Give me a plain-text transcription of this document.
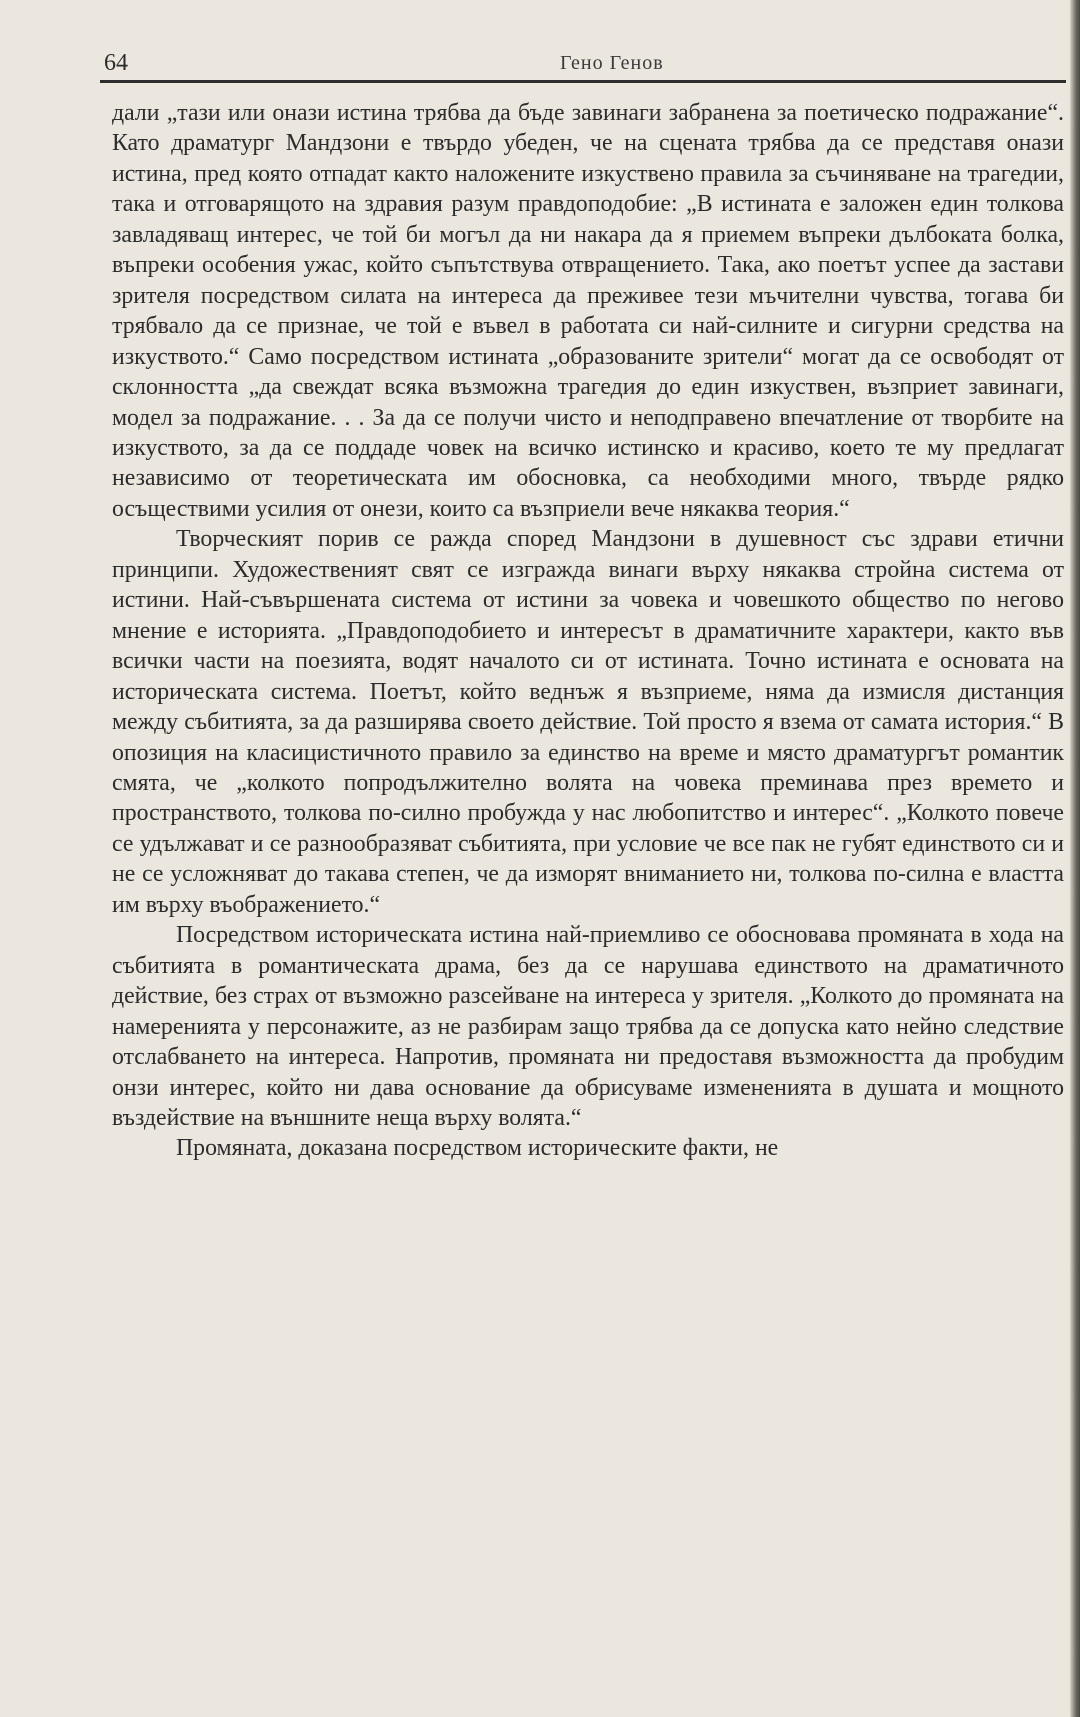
64	Гено Генов

дали „тази или онази истина трябва да бъде завинаги забранена за поетическо подражание“. Като драматург Мандзони е твърдо убеден, че на сцената трябва да се представя онази истина, пред която отпадат както наложените изкуствено правила за съчиняване на трагедии, така и отговарящото на здравия разум правдоподобие: „В истината е заложен един толкова завладяващ интерес, че той би могъл да ни накара да я приемем въпреки дълбоката болка, въпреки особения ужас, който съпътствува отвращението. Така, ако поетът успее да застави зрителя посредством силата на интереса да преживее тези мъчителни чувства, тогава би трябвало да се признае, че той е въвел в работата си най-силните и сигурни средства на изкуството.“ Само посредством истината „образованите зрители“ могат да се освободят от склонността „да свеждат всяка възможна трагедия до един изкуствен, възприет завинаги, модел за подражание. . . За да се получи чисто и неподправено впечатление от творбите на изкуството, за да се поддаде човек на всичко истинско и красиво, което те му предлагат независимо от теоретическата им обосновка, са необходими много, твърде рядко осъществими усилия от онези, които са възприели вече някаква теория.“

Творческият порив се ражда според Мандзони в душевност със здрави етични принципи. Художественият свят се изгражда винаги върху някаква стройна система от истини. Най-съвършената система от истини за човека и човешкото общество по негово мнение е историята. „Правдоподобието и интересът в драматичните характери, както във всички части на поезията, водят началото си от истината. Точно истината е основата на историческата система. Поетът, който веднъж я възприеме, няма да измисля дистанция между събитията, за да разширява своето действие. Той просто я взема от самата история.“ В опозиция на класицистичното правило за единство на време и място драматургът романтик смята, че „колкото попродължително волята на човека преминава през времето и пространството, толкова по-силно пробужда у нас любопитство и интерес“. „Колкото повече се удължават и се разнообразяват събитията, при условие че все пак не губят единството си и не се усложняват до такава степен, че да изморят вниманието ни, толкова по-силна е властта им върху въображението.“

Посредством историческата истина най-приемливо се обосновава промяната в хода на събитията в романтическата драма, без да се нарушава единството на драматичното действие, без страх от възможно разсейване на интереса у зрителя. „Колкото до промяната на намеренията у персонажите, аз не разбирам защо трябва да се допуска като нейно следствие отслабването на интереса. Напротив, промяната ни предоставя възможността да пробудим онзи интерес, който ни дава основание да обрисуваме измененията в душата и мощното въздействие на външните неща върху волята.“

Промяната, доказана посредством историческите факти, не
